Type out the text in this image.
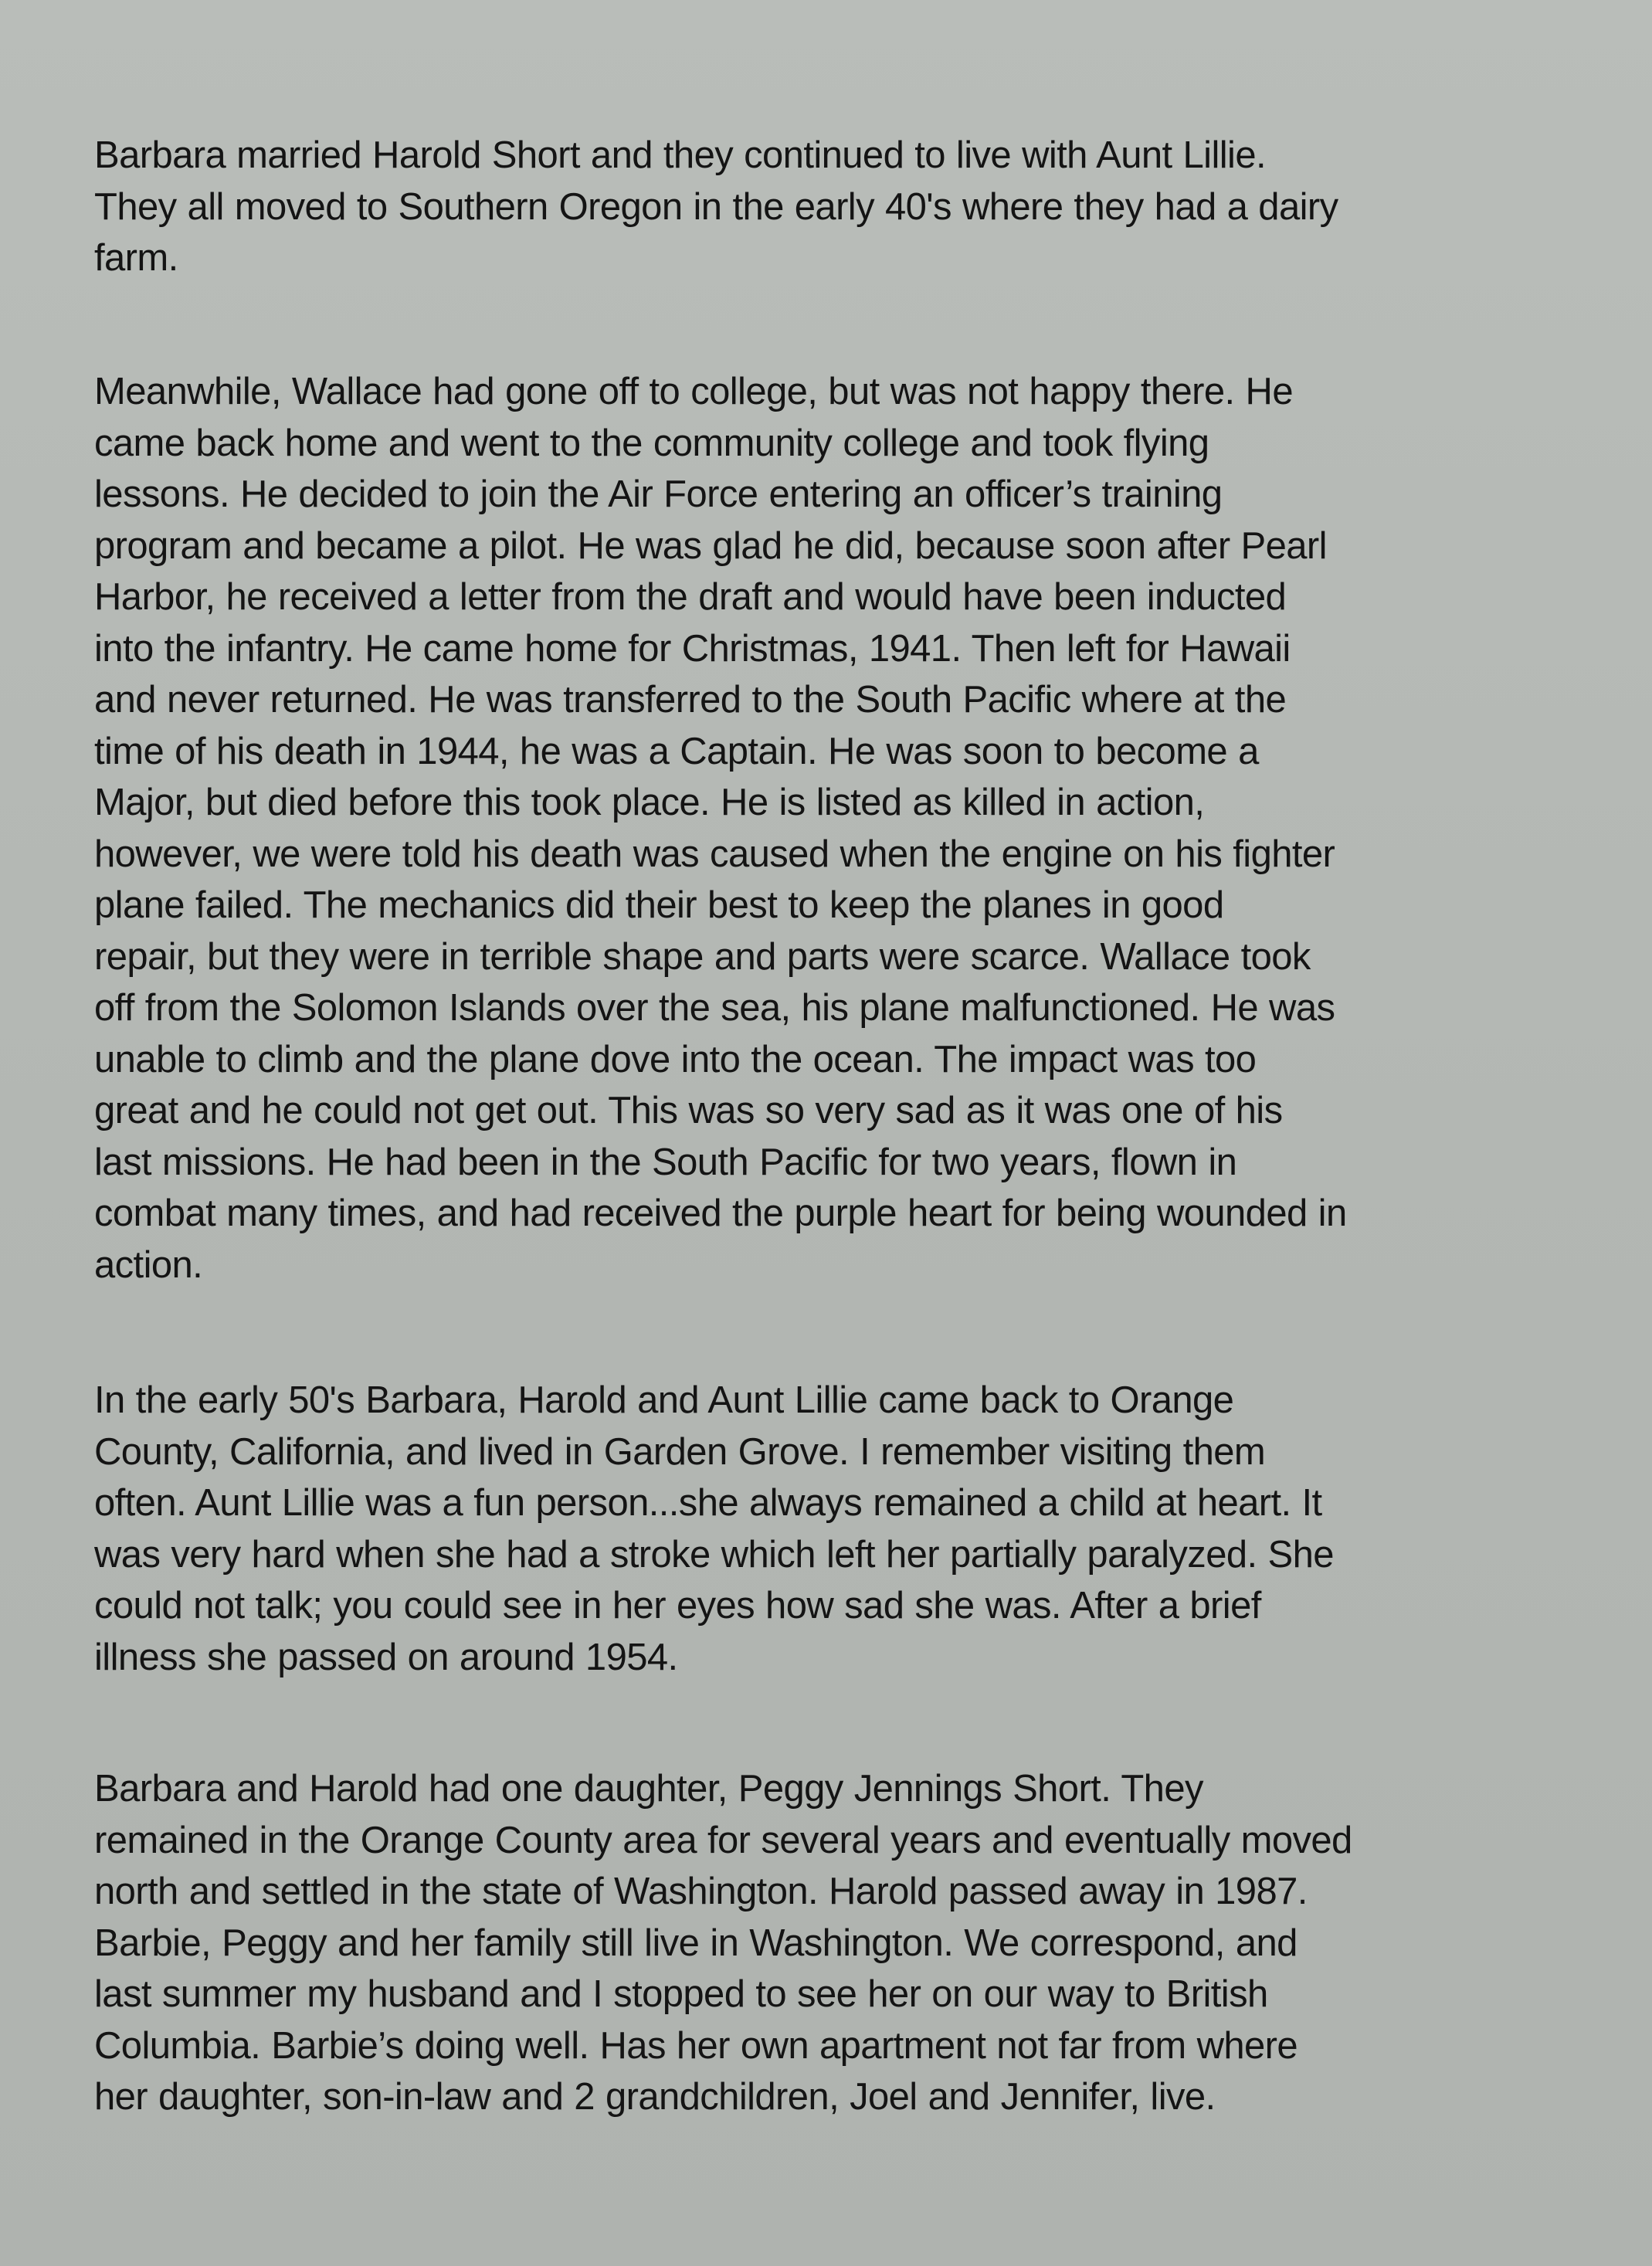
Barbara married Harold Short and they continued to live with Aunt Lillie.
They all moved to Southern Oregon in the early 40's where they had a dairy
farm.

Meanwhile, Wallace had gone off to college, but was not happy there. He
came back home and went to the community college and took flying
lessons. He decided to join the Air Force entering an officer’s training
program and became a pilot. He was glad he did, because soon after Pearl
Harbor, he received a letter from the draft and would have been inducted
into the infantry. He came home for Christmas, 1941. Then left for Hawaii
and never returned. He was transferred to the South Pacific where at the
time of his death in 1944, he was a Captain. He was soon to become a
Major, but died before this took place. He is listed as killed in action,
however, we were told his death was caused when the engine on his fighter
plane failed. The mechanics did their best to keep the planes in good
repair, but they were in terrible shape and parts were scarce. Wallace took
off from the Solomon Islands over the sea, his plane malfunctioned. He was
unable to climb and the plane dove into the ocean. The impact was too
great and he could not get out. This was so very sad as it was one of his
last missions. He had been in the South Pacific for two years, flown in
combat many times, and had received the purple heart for being wounded in
action.

In the early 50's Barbara, Harold and Aunt Lillie came back to Orange
County, California, and lived in Garden Grove. I remember visiting them
often. Aunt Lillie was a fun person...she always remained a child at heart. It
was very hard when she had a stroke which left her partially paralyzed. She
could not talk; you could see in her eyes how sad she was. After a brief
illness she passed on around 1954.

Barbara and Harold had one daughter, Peggy Jennings Short. They
remained in the Orange County area for several years and eventually moved
north and settled in the state of Washington. Harold passed away in 1987.
Barbie, Peggy and her family still live in Washington. We correspond, and
last summer my husband and I stopped to see her on our way to British
Columbia. Barbie’s doing well. Has her own apartment not far from where
her daughter, son-in-law and 2 grandchildren, Joel and Jennifer, live.
